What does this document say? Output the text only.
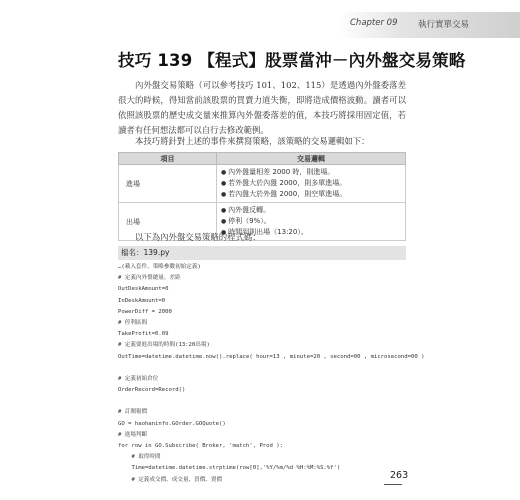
Chapter 09 執行實單交易
技巧 139 【程式】股票當沖－內外盤交易策略
內外盤交易策略（可以參考技巧 101、102、115）是透過內外盤委落差很大的時候，得知當前該股票的買賣力道失衡，即將造成價格波動。讀者可以依照該股票的歷史成交量來推算內外盤委落差的值，本技巧將採用固定值，若讀者有任何想法都可以自行去修改範例。
本技巧將針對上述的事件來撰寫策略，該策略的交易邏輯如下：
項目	交易邏輯
進場	● 內外盤量相差 2000 時，則進場。
● 若外盤大於內盤 2000，則多單進場。
● 若內盤大於外盤 2000，則空單進場。

出場	● 內外盤反轉。
● 停利（9%）。
● 時間到則出場（13:20）。
以下為內外盤交易策略的程式碼：
檔名：139.py
…(載入套件、策略參數初始定義)
# 定義內外盤總量、差距
OutDeskAmount=0
InDeskAmount=0
PowerDiff = 2000
# 停利區間
TakeProfit=0.09
# 定義要進出場的時間(13:20出場)
OutTime=datetime.datetime.now().replace( hour=13 , minute=20 , second=00 , microsecond=00 )
# 定義初始倉位
OrderRecord=Record()
# 訂閱報價
GO = haohaninfo.GOrder.GOQuote()
# 進場判斷
for row in GO.Subscribe( Broker, 'match', Prod ):
# 取得時間
Time=datetime.datetime.strptime(row[0],'%Y/%m/%d %H:%M:%S.%f')
# 定義成交價、成交量、買價、賣價	263
